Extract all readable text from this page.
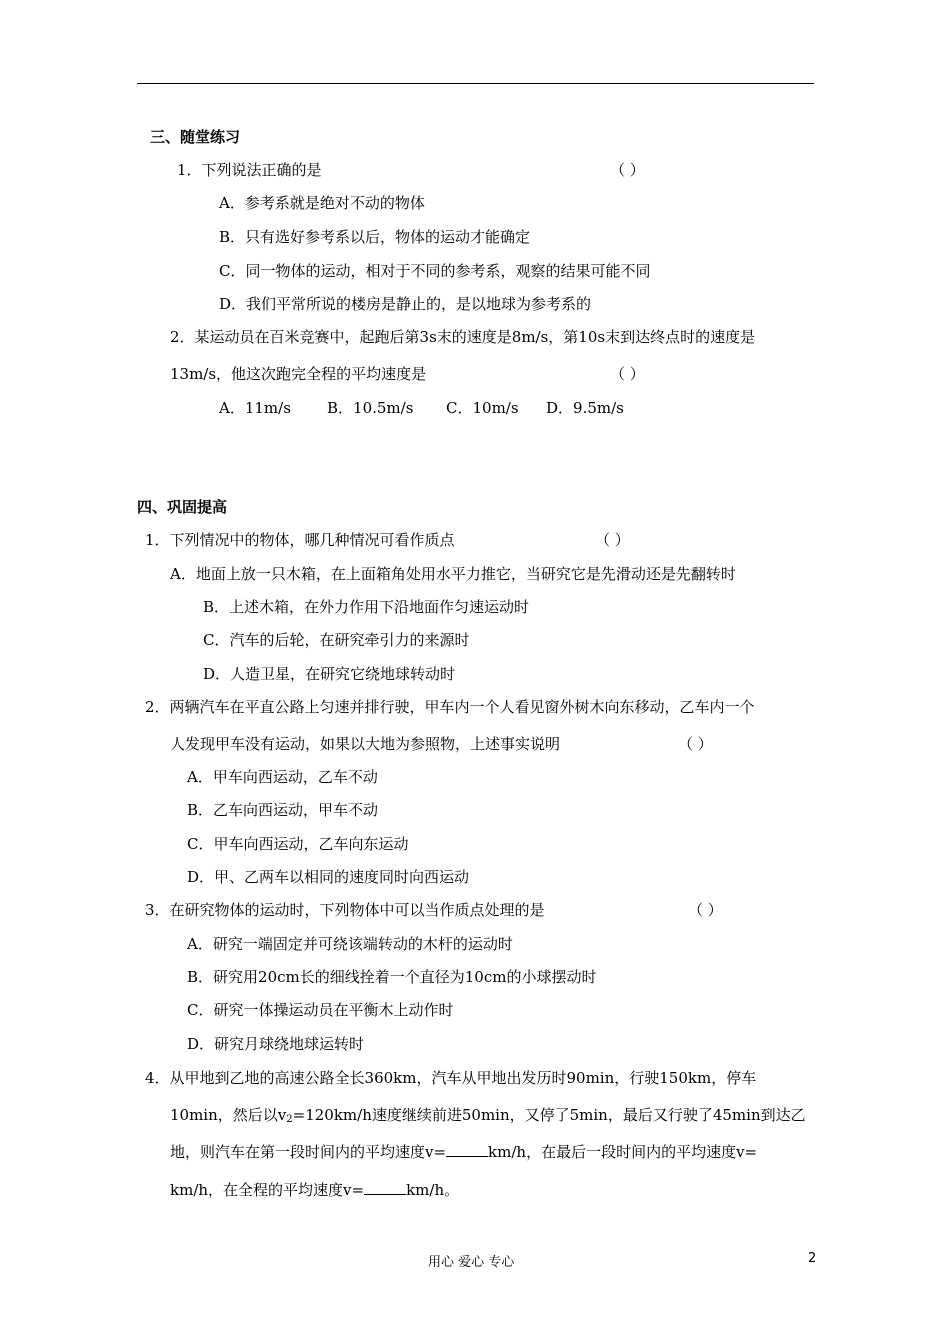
三、随堂练习
1．下列说法正确的是	（ ）
A．参考系就是绝对不动的物体
B．只有选好参考系以后，物体的运动才能确定
C．同一物体的运动，相对于不同的参考系，观察的结果可能不同
D．我们平常所说的楼房是静止的，是以地球为参考系的
2．某运动员在百米竞赛中，起跑后第3s末的速度是8m/s，第10s末到达终点时的速度是
13m/s，他这次跑完全程的平均速度是	（ ）
A．11m/s B．10.5m/s C．10m/s D．9.5m/s
四、巩固提高
1．下列情况中的物体，哪几种情况可看作质点	（ ）
A．地面上放一只木箱，在上面箱角处用水平力推它，当研究它是先滑动还是先翻转时
B．上述木箱，在外力作用下沿地面作匀速运动时
C．汽车的后轮，在研究牵引力的来源时
D．人造卫星，在研究它绕地球转动时
2．两辆汽车在平直公路上匀速并排行驶，甲车内一个人看见窗外树木向东移动，乙车内一个
人发现甲车没有运动，如果以大地为参照物，上述事实说明	（ ）
A．甲车向西运动，乙车不动
B．乙车向西运动，甲车不动
C．甲车向西运动，乙车向东运动
D．甲、乙两车以相同的速度同时向西运动
3．在研究物体的运动时，下列物体中可以当作质点处理的是	（ ）
A．研究一端固定并可绕该端转动的木杆的运动时
B．研究用20cm长的细线拴着一个直径为10cm的小球摆动时
C．研究一体操运动员在平衡木上动作时
D．研究月球绕地球运转时
4．从甲地到乙地的高速公路全长360km，汽车从甲地出发历时90min，行驶150km，停车
10min，然后以$v_2=120km/h$速度继续前进50min，又停了5min，最后又行驶了45min到达乙
地，则汽车在第一段时间内的平均速度v=	km/h，在最后一段时间内的平均速度v=
km/h，在全程的平均速度v=	km/h。
用心 爱心 专心	2
